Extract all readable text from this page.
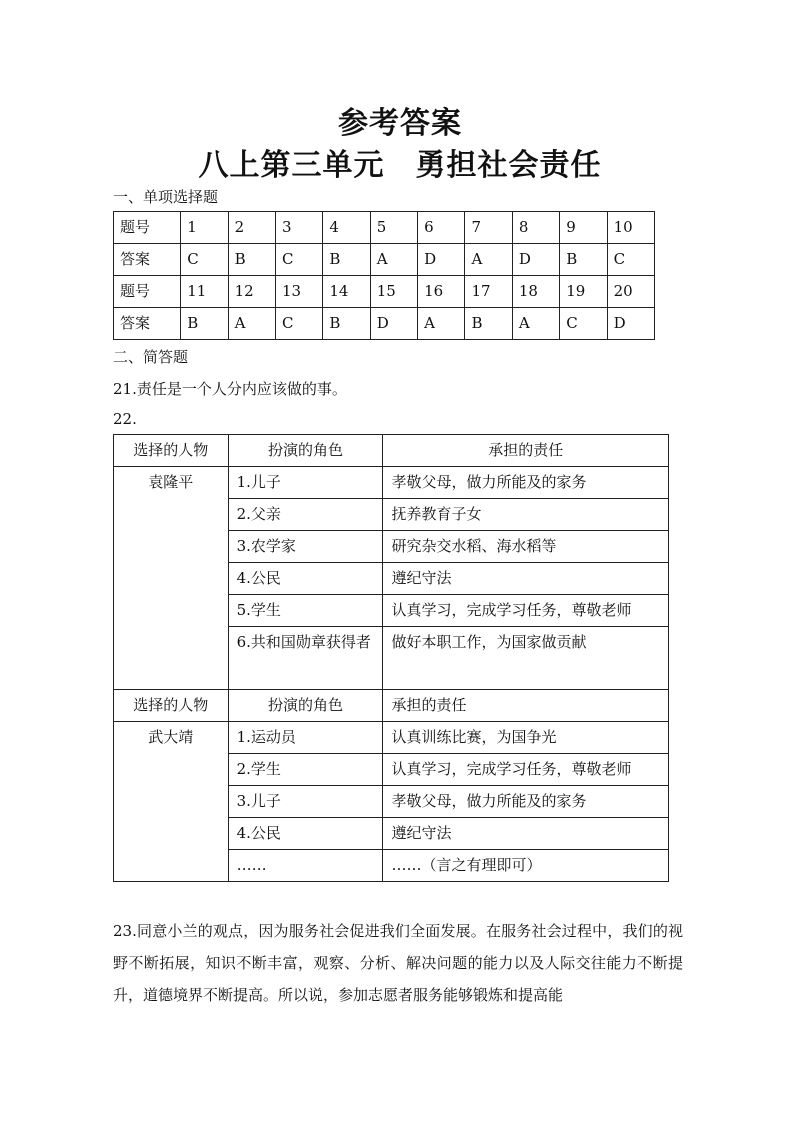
参考答案
八上第三单元　勇担社会责任
一、单项选择题
题号	1	2	3	4	5	6	7	8	9	10
答案	C	B	C	B	A	D	A	D	B	C
题号	11	12	13	14	15	16	17	18	19	20
答案	B	A	C	B	D	A	B	A	C	D
二、简答题
21.责任是一个人分内应该做的事。
22.
选择的人物	扮演的角色	承担的责任
袁隆平	1.儿子	孝敬父母，做力所能及的家务
	2.父亲	抚养教育子女
	3.农学家	研究杂交水稻、海水稻等
	4.公民	遵纪守法
	5.学生	认真学习，完成学习任务，尊敬老师
	6.共和国勋章获得者	做好本职工作，为国家做贡献
选择的人物	扮演的角色	承担的责任
武大靖	1.运动员	认真训练比赛，为国争光
	2.学生	认真学习，完成学习任务，尊敬老师
	3.儿子	孝敬父母，做力所能及的家务
	4.公民	遵纪守法
	……	……（言之有理即可）
23.同意小兰的观点，因为服务社会促进我们全面发展。在服务社会过程中，我们的视野不断拓展，知识不断丰富，观察、分析、解决问题的能力以及人际交往能力不断提升，道德境界不断提高。所以说，参加志愿者服务能够锻炼和提高能
